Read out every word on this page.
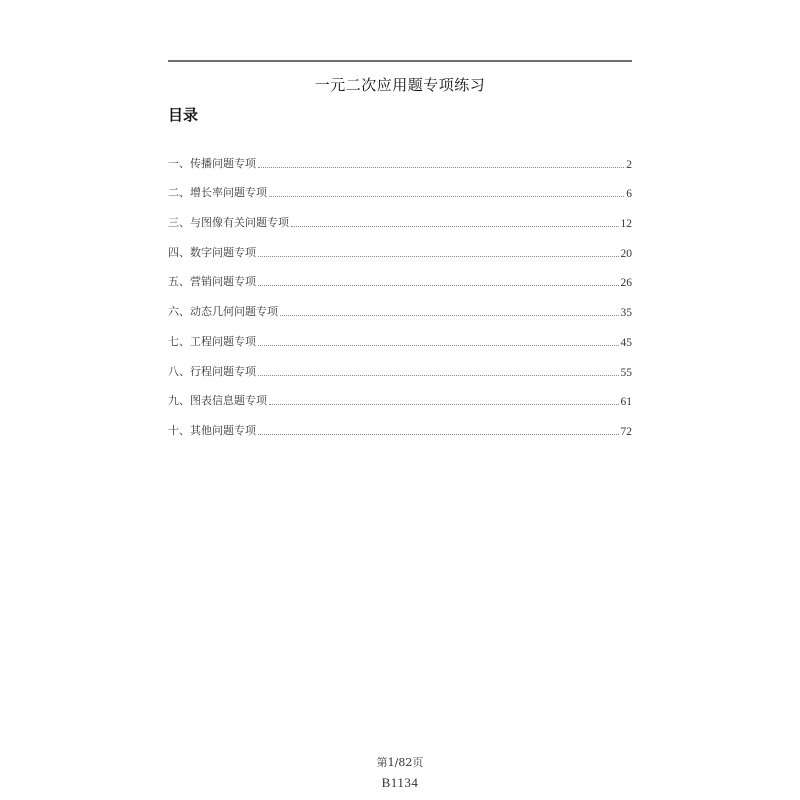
一元二次应用题专项练习
目录
一、传播问题专项	2
二、增长率问题专项	6
三、与图像有关问题专项	12
四、数字问题专项	20
五、营销问题专项	26
六、动态几何问题专项	35
七、工程问题专项	45
八、行程问题专项	55
九、图表信息题专项	61
十、其他问题专项	72
第1/82页
B1134
